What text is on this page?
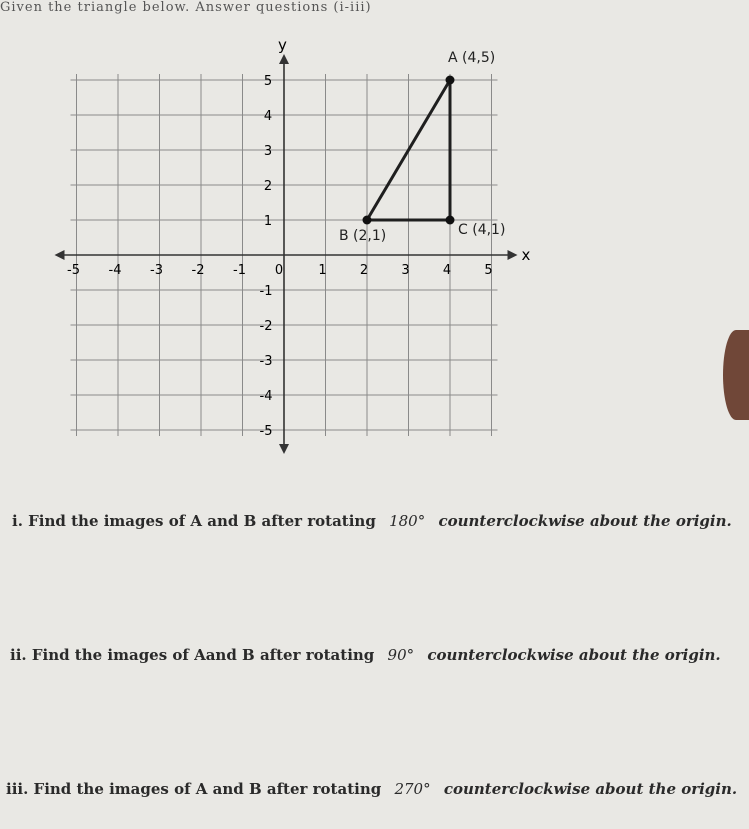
Given the triangle below. Answer questions (i-iii)
x
y
-5 -4 -3 -2 -1 0	1	2	3	4	5
1
2
3
4
5
-1
-2
-3
-4
-5
A (4,5)
B (2,1)	C (4,1)
i. Find the images of A and B after rotating 180° counterclockwise about the origin.
ii. Find the images of Aand B after rotating 90° counterclockwise about the origin.
iii. Find the images of A and B after rotating 270° counterclockwise about the origin.
